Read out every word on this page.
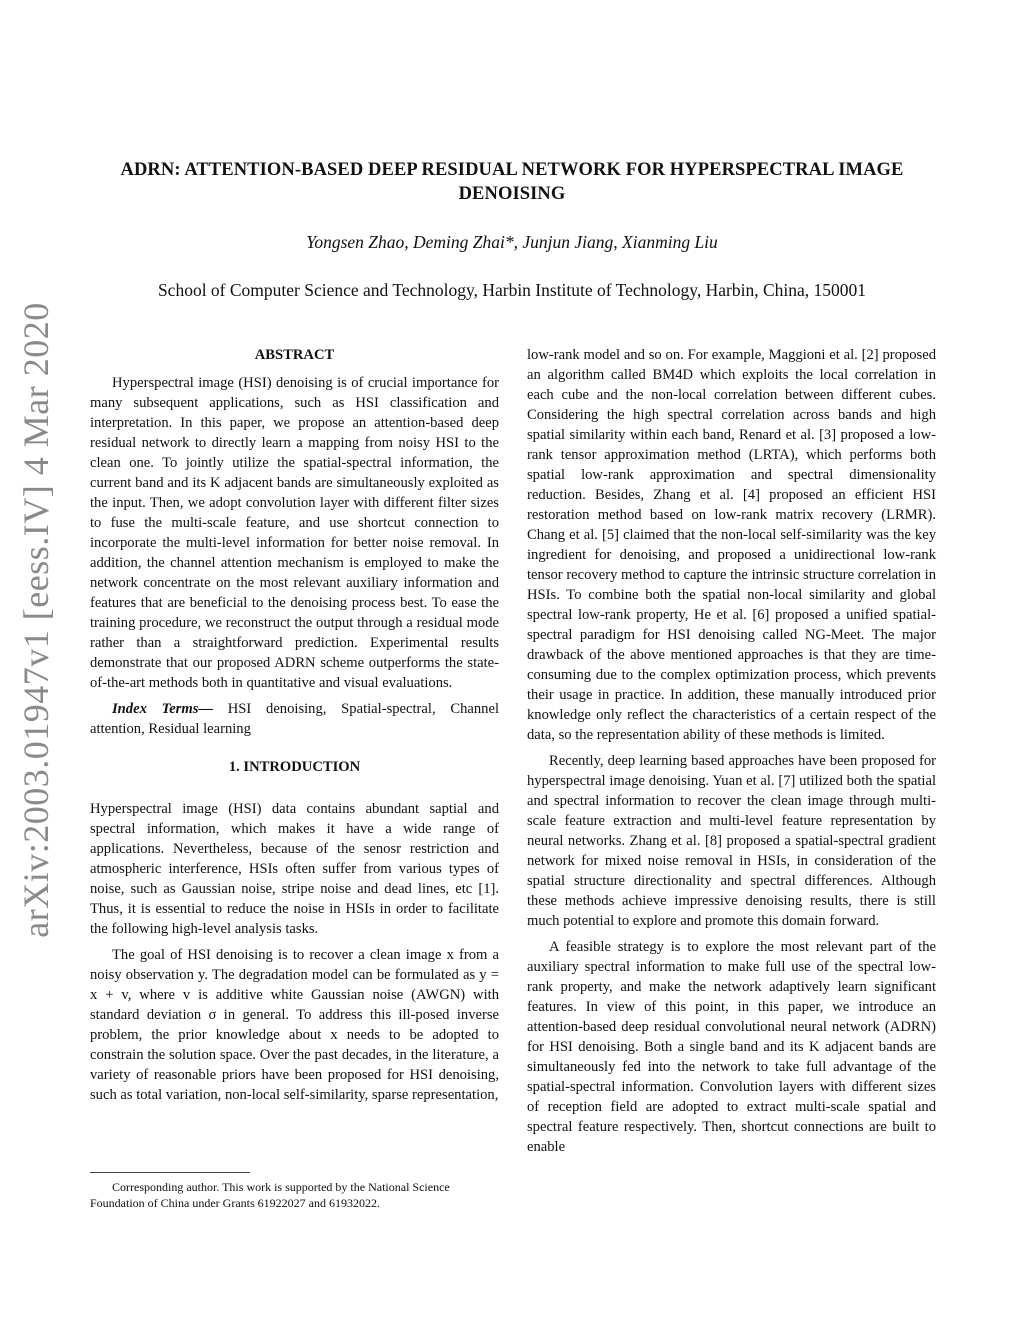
arXiv:2003.01947v1 [eess.IV] 4 Mar 2020
ADRN: ATTENTION-BASED DEEP RESIDUAL NETWORK FOR HYPERSPECTRAL IMAGE
DENOISING
Yongsen Zhao, Deming Zhai*, Junjun Jiang, Xianming Liu
School of Computer Science and Technology, Harbin Institute of Technology, Harbin, China, 150001
ABSTRACT

Hyperspectral image (HSI) denoising is of crucial importance for many subsequent applications, such as HSI classification and interpretation. In this paper, we propose an attention-based deep residual network to directly learn a mapping from noisy HSI to the clean one. To jointly utilize the spatial-spectral information, the current band and its K adjacent bands are simultaneously exploited as the input. Then, we adopt convolution layer with different filter sizes to fuse the multi-scale feature, and use shortcut connection to incorporate the multi-level information for better noise removal. In addition, the channel attention mechanism is employed to make the network concentrate on the most relevant auxiliary information and features that are beneficial to the denoising process best. To ease the training procedure, we reconstruct the output through a residual mode rather than a straightforward prediction. Experimental results demonstrate that our proposed ADRN scheme outperforms the state-of-the-art methods both in quantitative and visual evaluations.

Index Terms— HSI denoising, Spatial-spectral, Channel attention, Residual learning

1. INTRODUCTION

Hyperspectral image (HSI) data contains abundant saptial and spectral information, which makes it have a wide range of applications. Nevertheless, because of the senosr restriction and atmospheric interference, HSIs often suffer from various types of noise, such as Gaussian noise, stripe noise and dead lines, etc [1]. Thus, it is essential to reduce the noise in HSIs in order to facilitate the following high-level analysis tasks.

The goal of HSI denoising is to recover a clean image x from a noisy observation y. The degradation model can be formulated as y = x + v, where v is additive white Gaussian noise (AWGN) with standard deviation σ in general. To address this ill-posed inverse problem, the prior knowledge about x needs to be adopted to constrain the solution space. Over the past decades, in the literature, a variety of reasonable priors have been proposed for HSI denoising, such as total variation, non-local self-similarity, sparse representation,

low-rank model and so on. For example, Maggioni et al. [2] proposed an algorithm called BM4D which exploits the local correlation in each cube and the non-local correlation between different cubes. Considering the high spectral correlation across bands and high spatial similarity within each band, Renard et al. [3] proposed a low-rank tensor approximation method (LRTA), which performs both spatial low-rank approximation and spectral dimensionality reduction. Besides, Zhang et al. [4] proposed an efficient HSI restoration method based on low-rank matrix recovery (LRMR). Chang et al. [5] claimed that the non-local self-similarity was the key ingredient for denoising, and proposed a unidirectional low-rank tensor recovery method to capture the intrinsic structure correlation in HSIs. To combine both the spatial non-local similarity and global spectral low-rank property, He et al. [6] proposed a unified spatial-spectral paradigm for HSI denoising called NG-Meet. The major drawback of the above mentioned approaches is that they are time-consuming due to the complex optimization process, which prevents their usage in practice. In addition, these manually introduced prior knowledge only reflect the characteristics of a certain respect of the data, so the representation ability of these methods is limited.

Recently, deep learning based approaches have been proposed for hyperspectral image denoising. Yuan et al. [7] utilized both the spatial and spectral information to recover the clean image through multi-scale feature extraction and multi-level feature representation by neural networks. Zhang et al. [8] proposed a spatial-spectral gradient network for mixed noise removal in HSIs, in consideration of the spatial structure directionality and spectral differences. Although these methods achieve impressive denoising results, there is still much potential to explore and promote this domain forward.

A feasible strategy is to explore the most relevant part of the auxiliary spectral information to make full use of the spectral low-rank property, and make the network adaptively learn significant features. In view of this point, in this paper, we introduce an attention-based deep residual convolutional neural network (ADRN) for HSI denoising. Both a single band and its K adjacent bands are simultaneously fed into the network to take full advantage of the spatial-spectral information. Convolution layers with different sizes of reception field are adopted to extract multi-scale spatial and spectral feature respectively. Then, shortcut connections are built to enable

Corresponding author. This work is supported by the National Science Foundation of China under Grants 61922027 and 61932022.
